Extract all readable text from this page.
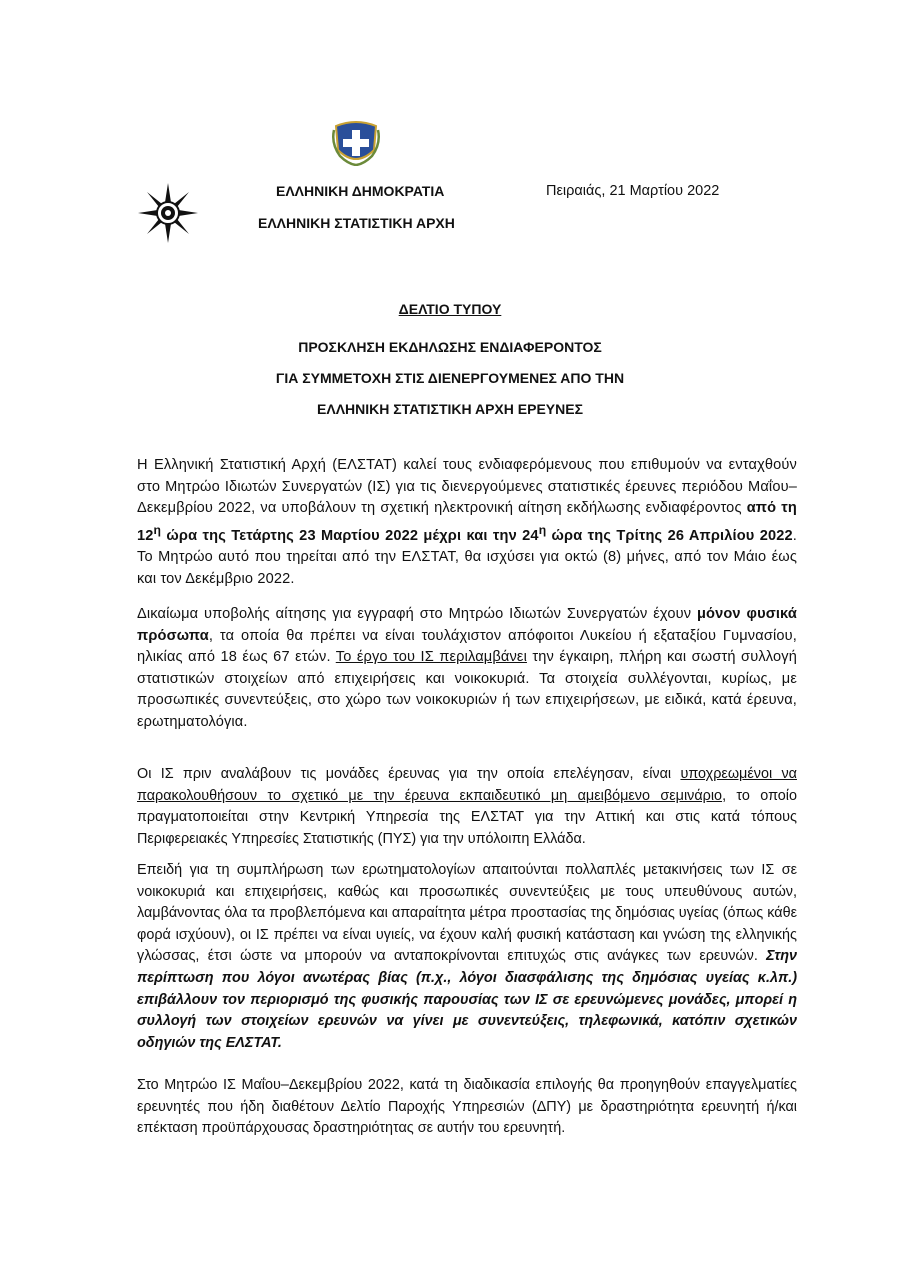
ΕΛΛΗΝΙΚΗ ΔΗΜΟΚΡΑΤΙΑ
ΕΛΛΗΝΙΚΗ ΣΤΑΤΙΣΤΙΚΗ ΑΡΧΗ
Πειραιάς, 21 Μαρτίου 2022
ΔΕΛΤΙΟ ΤΥΠΟΥ
ΠΡΟΣΚΛΗΣΗ ΕΚΔΗΛΩΣΗΣ ΕΝΔΙΑΦΕΡΟΝΤΟΣ
ΓΙΑ ΣΥΜΜΕΤΟΧΗ ΣΤΙΣ ΔΙΕΝΕΡΓΟΥΜΕΝΕΣ ΑΠΟ ΤΗΝ
ΕΛΛΗΝΙΚΗ ΣΤΑΤΙΣΤΙΚΗ ΑΡΧΗ ΕΡΕΥΝΕΣ

Η Ελληνική Στατιστική Αρχή (ΕΛΣΤΑΤ) καλεί τους ενδιαφερόμενους που επιθυμούν να ενταχθούν στο Μητρώο Ιδιωτών Συνεργατών (ΙΣ) για τις διενεργούμενες στατιστικές έρευνες περιόδου Μαΐου–Δεκεμβρίου 2022, να υποβάλουν τη σχετική ηλεκτρονική αίτηση εκδήλωσης ενδιαφέροντος από τη $12^\eta$ ώρα της Τετάρτης 23 Μαρτίου 2022 μέχρι και την $24^\eta$ ώρα της Τρίτης 26 Απριλίου 2022. Το Μητρώο αυτό που τηρείται από την ΕΛΣΤΑΤ, θα ισχύσει για οκτώ (8) μήνες, από τον Μάιο έως και τον Δεκέμβριο 2022.

Δικαίωμα υποβολής αίτησης για εγγραφή στο Μητρώο Ιδιωτών Συνεργατών έχουν μόνον φυσικά πρόσωπα, τα οποία θα πρέπει να είναι τουλάχιστον απόφοιτοι Λυκείου ή εξαταξίου Γυμνασίου, ηλικίας από 18 έως 67 ετών. Το έργο του ΙΣ περιλαμβάνει την έγκαιρη, πλήρη και σωστή συλλογή στατιστικών στοιχείων από επιχειρήσεις και νοικοκυριά. Τα στοιχεία συλλέγονται, κυρίως, με προσωπικές συνεντεύξεις, στο χώρο των νοικοκυριών ή των επιχειρήσεων, με ειδικά, κατά έρευνα, ερωτηματολόγια.

Οι ΙΣ πριν αναλάβουν τις μονάδες έρευνας για την οποία επελέγησαν, είναι υποχρεωμένοι να παρακολουθήσουν το σχετικό με την έρευνα εκπαιδευτικό μη αμειβόμενο σεμινάριο, το οποίο πραγματοποιείται στην Κεντρική Υπηρεσία της ΕΛΣΤΑΤ για την Αττική και στις κατά τόπους Περιφερειακές Υπηρεσίες Στατιστικής (ΠΥΣ) για την υπόλοιπη Ελλάδα.

Επειδή για τη συμπλήρωση των ερωτηματολογίων απαιτούνται πολλαπλές μετακινήσεις των ΙΣ σε νοικοκυριά και επιχειρήσεις, καθώς και προσωπικές συνεντεύξεις με τους υπευθύνους αυτών, λαμβάνοντας όλα τα προβλεπόμενα και απαραίτητα μέτρα προστασίας της δημόσιας υγείας (όπως κάθε φορά ισχύουν), οι ΙΣ πρέπει να είναι υγιείς, να έχουν καλή φυσική κατάσταση και γνώση της ελληνικής γλώσσας, έτσι ώστε να μπορούν να ανταποκρίνονται επιτυχώς στις ανάγκες των ερευνών. Στην περίπτωση που λόγοι ανωτέρας βίας (π.χ., λόγοι διασφάλισης της δημόσιας υγείας κ.λπ.) επιβάλλουν τον περιορισμό της φυσικής παρουσίας των ΙΣ σε ερευνώμενες μονάδες, μπορεί η συλλογή των στοιχείων ερευνών να γίνει με συνεντεύξεις, τηλεφωνικά, κατόπιν σχετικών οδηγιών της ΕΛΣΤΑΤ.

Στο Μητρώο ΙΣ Μαΐου–Δεκεμβρίου 2022, κατά τη διαδικασία επιλογής θα προηγηθούν επαγγελματίες ερευνητές που ήδη διαθέτουν Δελτίο Παροχής Υπηρεσιών (ΔΠΥ) με δραστηριότητα ερευνητή ή/και επέκταση προϋπάρχουσας δραστηριότητας σε αυτήν του ερευνητή.
